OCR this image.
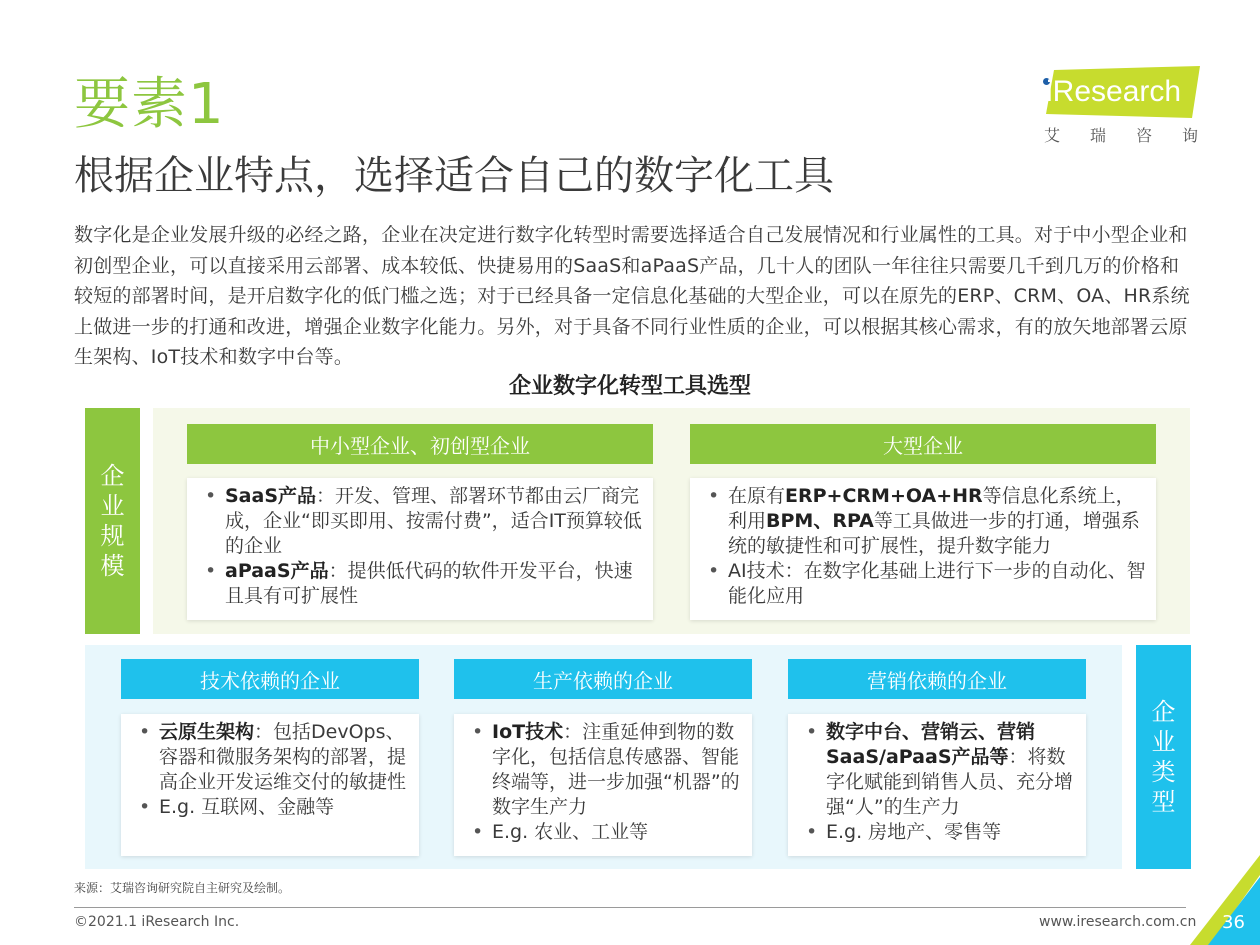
要素1
根据企业特点，选择适合自己的数字化工具
iResearch
艾 瑞 咨 询

数字化是企业发展升级的必经之路，企业在决定进行数字化转型时需要选择适合自己发展情况和行业属性的工具。对于中小型企业和初创型企业，可以直接采用云部署、成本较低、快捷易用的SaaS和aPaaS产品，几十人的团队一年往往只需要几千到几万的价格和较短的部署时间，是开启数字化的低门槛之选；对于已经具备一定信息化基础的大型企业，可以在原先的ERP、CRM、OA、HR系统上做进一步的打通和改进，增强企业数字化能力。另外，对于具备不同行业性质的企业，可以根据其核心需求，有的放矢地部署云原生架构、IoT技术和数字中台等。

企业数字化转型工具选型
企
业
规
模
中小型企业、初创型企业
• SaaS产品：开发、管理、部署环节都由云厂商完成，企业“即买即用、按需付费”，适合IT预算较低的企业
• aPaaS产品：提供低代码的软件开发平台，快速且具有可扩展性
大型企业
• 在原有ERP+CRM+OA+HR等信息化系统上，利用BPM、RPA等工具做进一步的打通，增强系统的敏捷性和可扩展性，提升数字能力
• AI技术：在数字化基础上进行下一步的自动化、智能化应用
企
业
类
型
技术依赖的企业
• 云原生架构：包括DevOps、容器和微服务架构的部署，提高企业开发运维交付的敏捷性
• E.g. 互联网、金融等
生产依赖的企业
• IoT技术：注重延伸到物的数字化，包括信息传感器、智能终端等，进一步加强“机器”的数字生产力
• E.g. 农业、工业等
营销依赖的企业
• 数字中台、营销云、营销SaaS/aPaaS产品等：将数字化赋能到销售人员、充分增强“人”的生产力
• E.g. 房地产、零售等
来源：艾瑞咨询研究院自主研究及绘制。
©2021.1 iResearch Inc.	www.iresearch.com.cn 36
